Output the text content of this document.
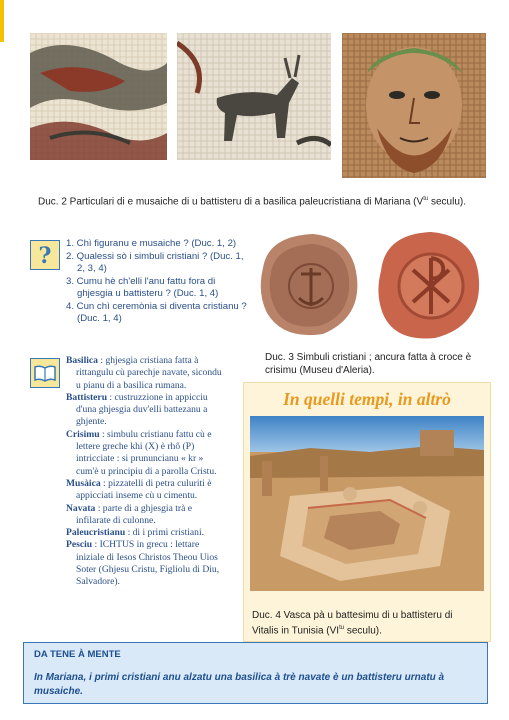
Duc. 2 Particulari di e musaiche di u battisteru di a basilica paleucristiana di Mariana ($V^{tu}$ seculu).
? 1. Chì figuranu e musaiche ? (Duc. 1, 2)
2. Qualessi sò i simbuli cristiani ? (Duc. 1,
2, 3, 4)
3. Cumu hè ch'elli l'anu fattu fora di
ghjesgia u battisteru ? (Duc. 1, 4)
4. Cun chì ceremònia si diventa cristianu ?
(Duc. 1, 4)
Duc. 3 Simbuli cristiani ; ancura fatta à croce è
crisimu (Museu d'Aleria).
Basilica : ghjesgia cristiana fatta à
rittangulu cù parechje navate, sicondu
u pianu di a basilica rumana.
Battisteru : custruzzione in appicciu
d'una ghjesgia duv'elli battezanu a
ghjente.
Crisimu : simbulu cristianu fattu cù e
lettere greche khi (X) è rhô (P)
intricciate : si prununcianu « kr »
cum'è u principiu di a parolla Cristu.
Musàica : pizzatelli di petra culuriti è
appicciati inseme cù u cimentu.
Navata : parte di a ghjesgia trà e
infilarate di culonne.
Paleucristianu : di i primi cristiani.
Pesciu : ICHTUS in grecu : lettare
iniziale di Iesos Christos Theou Uios
Soter (Ghjesu Cristu, Figliolu di Diu,
Salvadore).
In quelli tempi, in altrò
Duc. 4 Vasca pà u battesimu di u battisteru di
Vitalis in Tunisia ($VI^{tu}$ seculu).
DA TENE À MENTE
In Mariana, i primi cristiani anu alzatu una basilica à trè navate è un battisteru urnatu à musaiche.
